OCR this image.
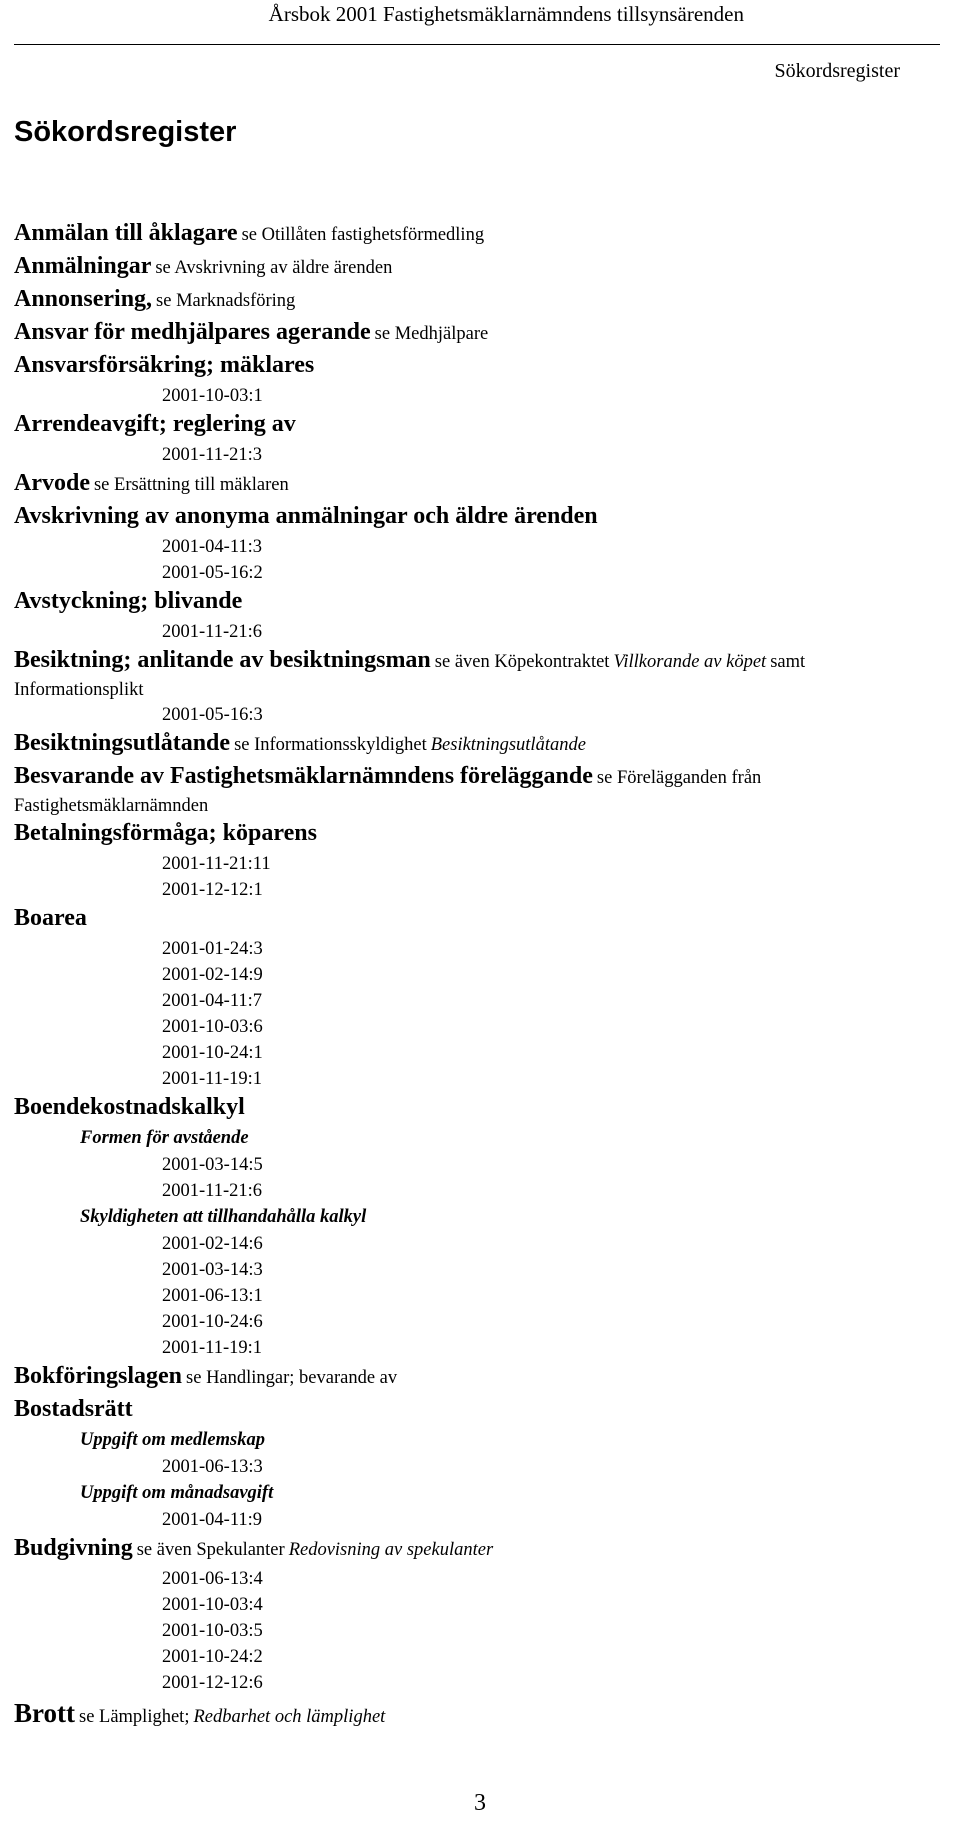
Årsbok 2001 Fastighetsmäklarnämndens tillsynsärenden
Sökordsregister
Sökordsregister
Anmälan till åklagare se Otillåten fastighetsförmedling
Anmälningar se Avskrivning av äldre ärenden
Annonsering, se Marknadsföring
Ansvar för medhjälpares agerande se Medhjälpare
Ansvarsförsäkring; mäklares
2001-10-03:1
Arrendeavgift; reglering av
2001-11-21:3
Arvode se Ersättning till mäklaren
Avskrivning av anonyma anmälningar och äldre ärenden
2001-04-11:3
2001-05-16:2
Avstyckning; blivande
2001-11-21:6
Besiktning; anlitande av besiktningsman se även Köpekontraktet Villkorande av köpet samt
Informationsplikt
2001-05-16:3
Besiktningsutlåtande se Informationsskyldighet Besiktningsutlåtande
Besvarande av Fastighetsmäklarnämndens föreläggande se Förelägganden från
Fastighetsmäklarnämnden
Betalningsförmåga; köparens
2001-11-21:11
2001-12-12:1
Boarea
2001-01-24:3
2001-02-14:9
2001-04-11:7
2001-10-03:6
2001-10-24:1
2001-11-19:1
Boendekostnadskalkyl
Formen för avstående
2001-03-14:5
2001-11-21:6
Skyldigheten att tillhandahålla kalkyl
2001-02-14:6
2001-03-14:3
2001-06-13:1
2001-10-24:6
2001-11-19:1
Bokföringslagen se Handlingar; bevarande av
Bostadsrätt
Uppgift om medlemskap
2001-06-13:3
Uppgift om månadsavgift
2001-04-11:9
Budgivning se även Spekulanter Redovisning av spekulanter
2001-06-13:4
2001-10-03:4
2001-10-03:5
2001-10-24:2
2001-12-12:6
Brott se Lämplighet; Redbarhet och lämplighet
3
